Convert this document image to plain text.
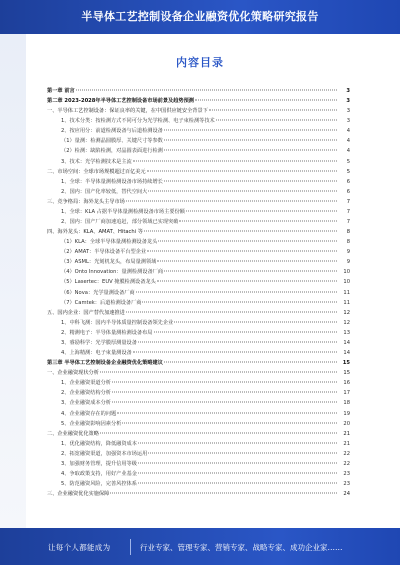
半导体工艺控制设备企业融资优化策略研究报告
内容目录
第一章 前言	3
第二章 2023-2028年半导体工艺控制设备市场前景及趋势预测	3
一、半导体工艺控制设备：保证良率的关键，在中国供应链安全背景下	3
1、技术分类：按检测方式不同可分为光学检测、电子束检测等技术	3
2、按应用分：前道检测设备与后道检测设备	4
（1）量测：检测晶圆膜厚、关键尺寸等参数	4
（2）检测：缺陷检测，对晶圆表面进行检测	4
3、技术：光学检测技术是主流	5
二、市场空间：全球市场规模超过百亿美元	5
1、全球：半导体量测检测设备市场持续增长	6
2、国内：国产化率较低，替代空间大	6
三、竞争格局：海外龙头主导市场	7
1、全球：KLA 占据半导体量测检测设备市场主要份额	7
2、国内：国产厂商加速追赶，部分领域已实现突破	7
四、海外龙头：KLA、AMAT、Hitachi 等	8
（1）KLA：全球半导体量测检测设备龙头	8
（2）AMAT：半导体设备平台型企业	9
（3）ASML：光刻机龙头，布局量测领域	9
（4）Onto Innovation：量测检测设备厂商	10
（5）Lasertec：EUV 掩膜检测设备龙头	10
（6）Nova：光学量测设备厂商	11
（7）Camtek：后道检测设备厂商	11
五、国内企业：国产替代加速推进	12
1、中科飞测：国内半导体质量控制设备领先企业	12
2、精测电子：半导体量测检测设备布局	13
3、睿励科学：光学膜厚测量设备	14
4、上海精测：电子束量测设备	14
第三章 半导体工艺控制设备企业融资优化策略建议	15
一、企业融资现状分析	15
1、企业融资渠道分析	16
2、企业融资结构分析	17
3、企业融资成本分析	18
4、企业融资存在的问题	19
5、企业融资影响因素分析	20
二、企业融资优化策略	21
1、优化融资结构，降低融资成本	21
2、拓宽融资渠道，加强资本市场运用	22
3、加强财务管理，提升信用等级	22
4、争取政策支持，用好产业基金	23
5、防范融资风险，完善风控体系	23
三、企业融资优化实施保障	24
让每个人都能成为	行业专家、管理专家、营销专家、战略专家、成功企业家……
